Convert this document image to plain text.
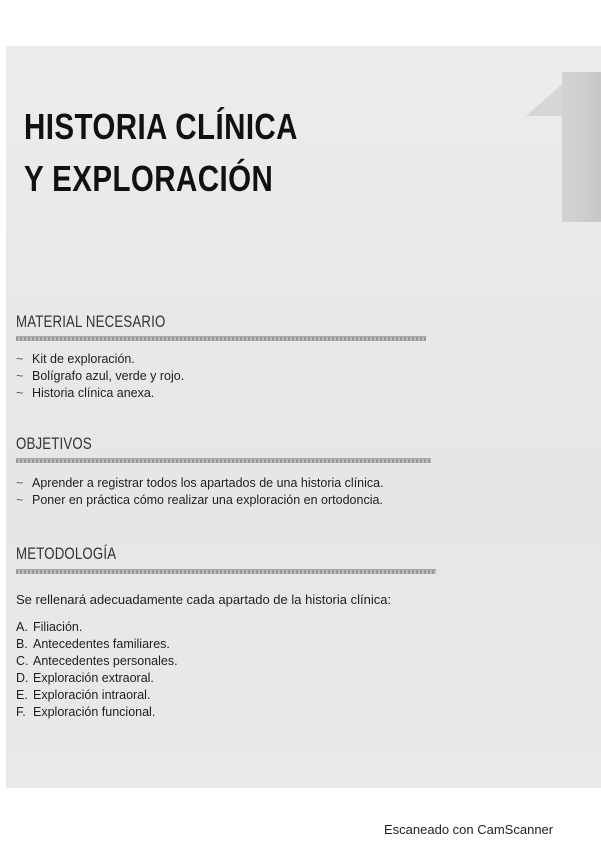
HISTORIA CLÍNICA
Y EXPLORACIÓN
MATERIAL NECESARIO
~ Kit de exploración.
~ Bolígrafo azul, verde y rojo.
~ Historia clínica anexa.
OBJETIVOS
~ Aprender a registrar todos los apartados de una historia clínica.
~ Poner en práctica cómo realizar una exploración en ortodoncia.
METODOLOGÍA

Se rellenará adecuadamente cada apartado de la historia clínica:

A. Filiación.
B. Antecedentes familiares.
C. Antecedentes personales.
D. Exploración extraoral.
E. Exploración intraoral.
F. Exploración funcional.
Escaneado con CamScanner
